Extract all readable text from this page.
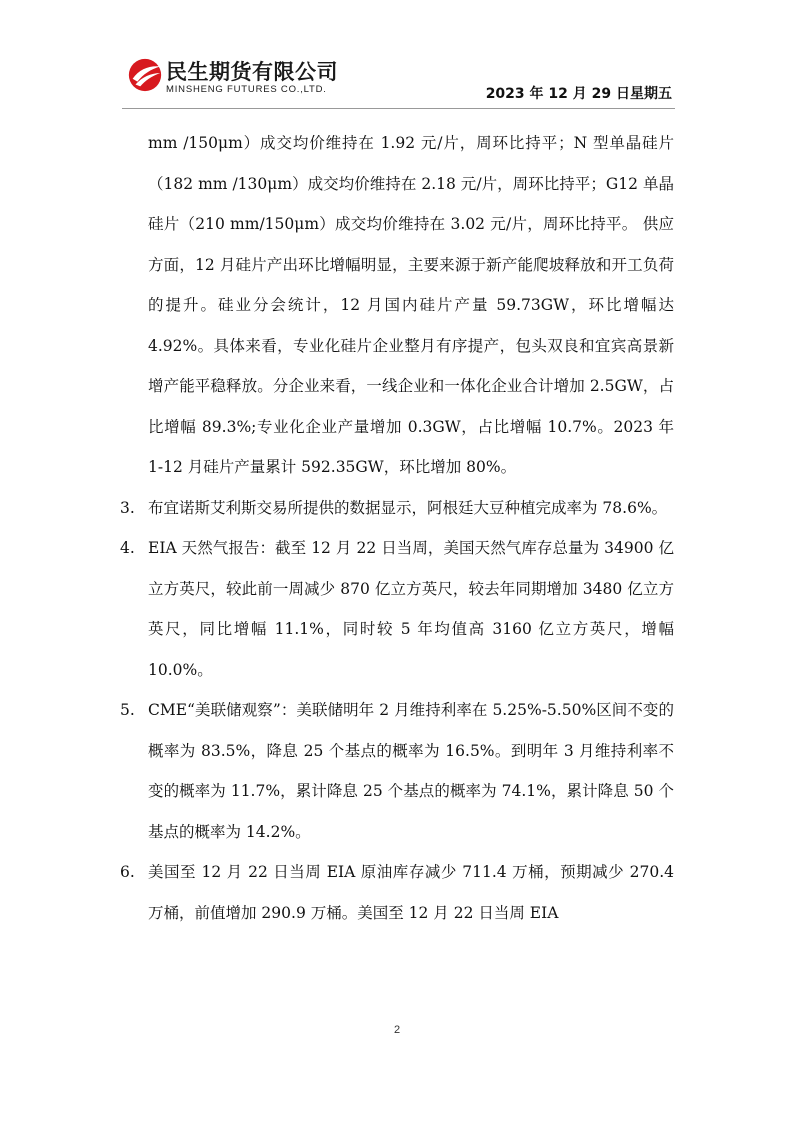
民生期货有限公司
MINSHENG FUTURES CO.,LTD.	2023 年 12 月 29 日星期五

mm /150μm）成交均价维持在 1.92 元/片，周环比持平；N 型单晶硅片（182 mm /130μm）成交均价维持在 2.18 元/片，周环比持平；G12 单晶硅片（210 mm/150μm）成交均价维持在 3.02 元/片，周环比持平。 供应方面，12 月硅片产出环比增幅明显，主要来源于新产能爬坡释放和开工负荷的提升。硅业分会统计，12 月国内硅片产量 59.73GW，环比增幅达 4.92%。具体来看，专业化硅片企业整月有序提产，包头双良和宜宾高景新增产能平稳释放。分企业来看，一线企业和一体化企业合计增加 2.5GW，占比增幅 89.3%;专业化企业产量增加 0.3GW，占比增幅 10.7%。2023 年 1-12 月硅片产量累计 592.35GW，环比增加 80%。

3. 布宜诺斯艾利斯交易所提供的数据显示，阿根廷大豆种植完成率为 78.6%。

4. EIA 天然气报告：截至 12 月 22 日当周，美国天然气库存总量为 34900 亿立方英尺，较此前一周减少 870 亿立方英尺，较去年同期增加 3480 亿立方英尺，同比增幅 11.1%，同时较 5 年均值高 3160 亿立方英尺，增幅 10.0%。

5. CME“美联储观察”：美联储明年 2 月维持利率在 5.25%-5.50%区间不变的概率为 83.5%，降息 25 个基点的概率为 16.5%。到明年 3 月维持利率不变的概率为 11.7%，累计降息 25 个基点的概率为 74.1%，累计降息 50 个基点的概率为 14.2%。

6. 美国至 12 月 22 日当周 EIA 原油库存减少 711.4 万桶，预期减少 270.4 万桶，前值增加 290.9 万桶。美国至 12 月 22 日当周 EIA

2
